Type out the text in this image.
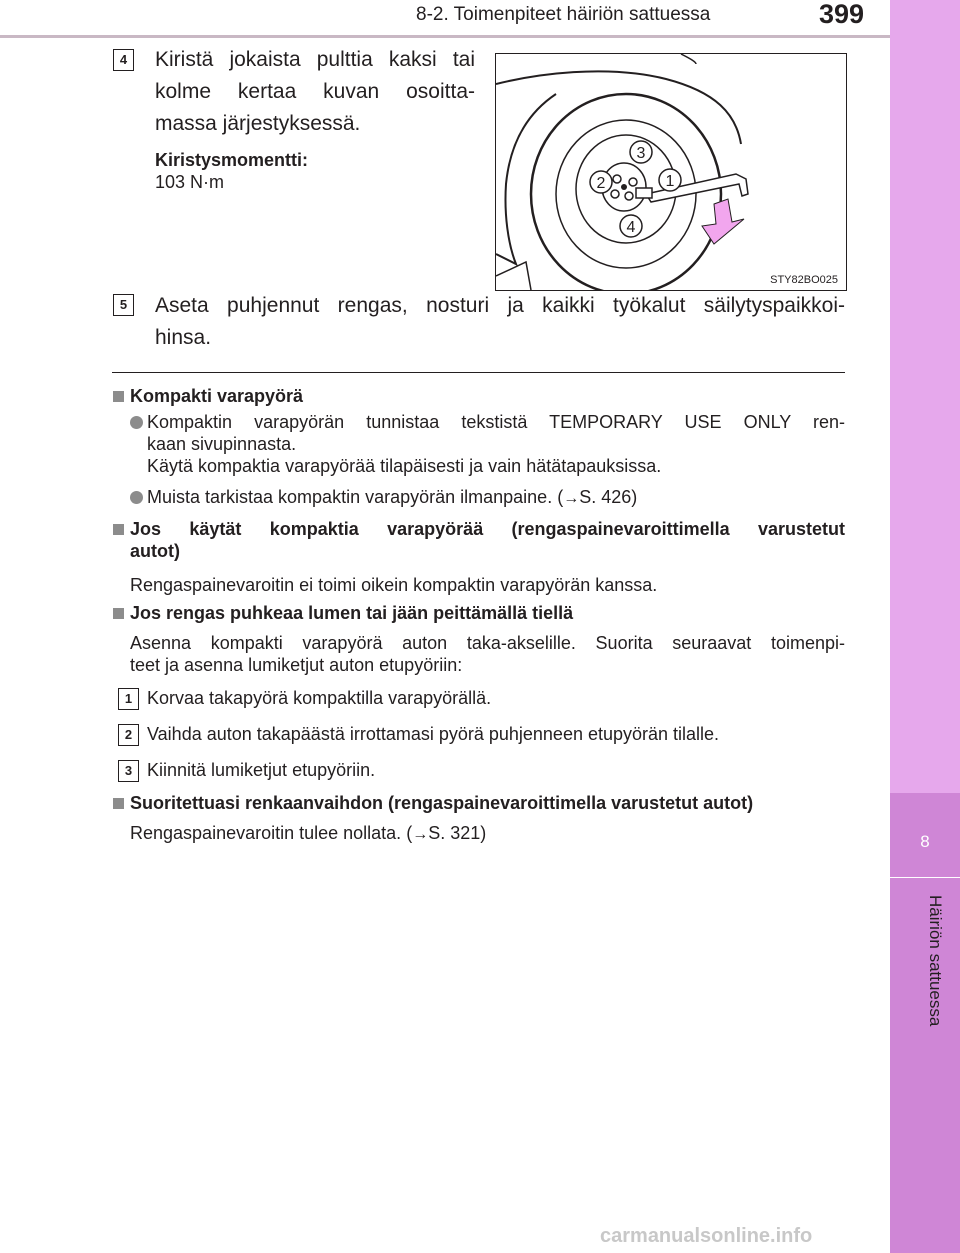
8-2. Toimenpiteet häiriön sattuessa	399
8
Häiriön sattuessa
4	Kiristä jokaista pulttia kaksi tai
kolme kertaa kuvan osoitta-
massa järjestyksessä.
Kiristysmomentti:
103 N·m
3
2	1
4
STY82BO025
5	Aseta puhjennut rengas, nosturi ja kaikki työkalut säilytyspaikkoi-
hinsa.
Kompakti varapyörä
Kompaktin varapyörän tunnistaa tekstistä TEMPORARY USE ONLY ren-
kaan sivupinnasta.
Käytä kompaktia varapyörää tilapäisesti ja vain hätätapauksissa.
Muista tarkistaa kompaktin varapyörän ilmanpaine. (→S. 426)
Jos käytät kompaktia varapyörää (rengaspainevaroittimella varustetut
autot)
Rengaspainevaroitin ei toimi oikein kompaktin varapyörän kanssa.
Jos rengas puhkeaa lumen tai jään peittämällä tiellä
Asenna kompakti varapyörä auton taka-akselille. Suorita seuraavat toimenpi-
teet ja asenna lumiketjut auton etupyöriin:
1 Korvaa takapyörä kompaktilla varapyörällä.
2 Vaihda auton takapäästä irrottamasi pyörä puhjenneen etupyörän tilalle.
3 Kiinnitä lumiketjut etupyöriin.
Suoritettuasi renkaanvaihdon (rengaspainevaroittimella varustetut autot)
Rengaspainevaroitin tulee nollata. (→S. 321)
carmanualsonline.info
